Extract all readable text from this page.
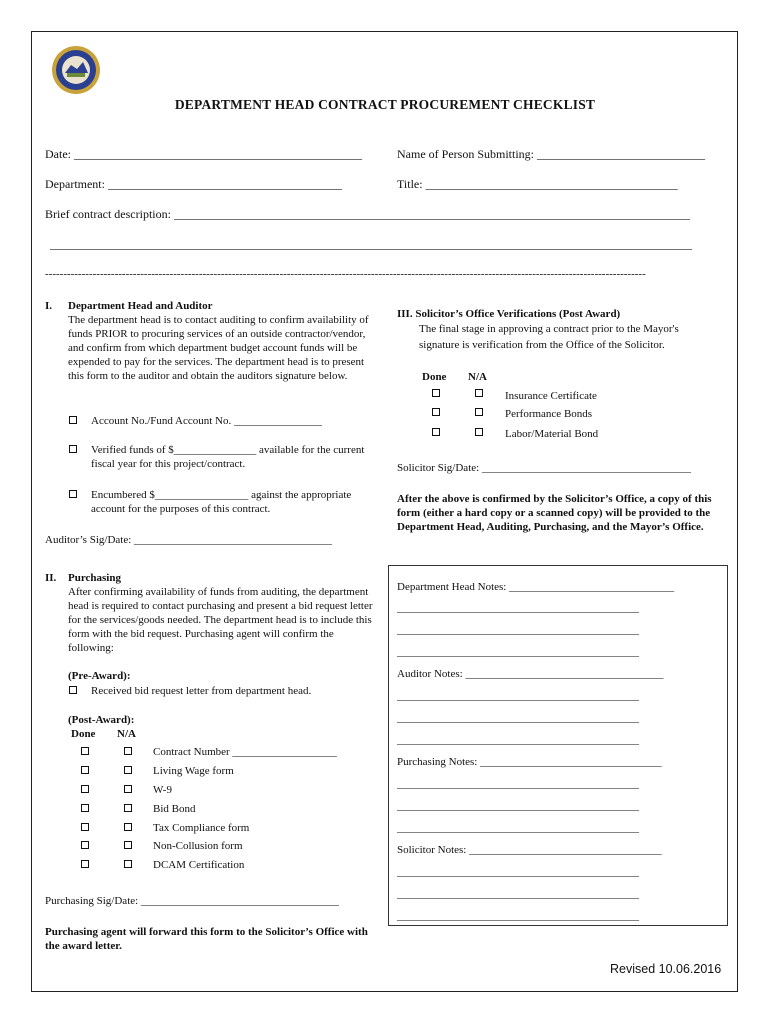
DEPARTMENT HEAD CONTRACT PROCUREMENT CHECKLIST
Date: ________________________________________________	Name of Person Submitting: ____________________________
Department: _______________________________________	Title: __________________________________________
Brief contract description: ______________________________________________________________________________________
___________________________________________________________________________________________________________
--------------------------------------------------------------------------------------------------------------------------------------------------------------------
I. Department Head and Auditor
The department head is to contact auditing to confirm availability of funds PRIOR to procuring services of an outside contractor/vendor, and confirm from which department budget account funds will be expended to pay for the services. The department head is to present this form to the auditor and obtain the auditors signature below.
Account No./Fund Account No. ________________
Verified funds of $_______________ available for the current fiscal year for this project/contract.
Encumbered $_________________ against the appropriate account for the purposes of this contract.
Auditor’s Sig/Date: ____________________________________
II. Purchasing
After confirming availability of funds from auditing, the department head is required to contact purchasing and present a bid request letter for the services/goods needed. The department head is to include this form with the bid request. Purchasing agent will confirm the following:
(Pre-Award):
Received bid request letter from department head.
(Post-Award):
Done N/A
Contract Number ___________________
Living Wage form
W-9
Bid Bond
Tax Compliance form
Non-Collusion form
DCAM Certification
Purchasing Sig/Date: ____________________________________
Purchasing agent will forward this form to the Solicitor’s Office with the award letter.
III. Solicitor’s Office Verifications (Post Award)
The final stage in approving a contract prior to the Mayor's signature is verification from the Office of the Solicitor.
Done N/A
Insurance Certificate
Performance Bonds
Labor/Material Bond
Solicitor Sig/Date: ______________________________________
After the above is confirmed by the Solicitor’s Office, a copy of this form (either a hard copy or a scanned copy) will be provided to the Department Head, Auditing, Purchasing, and the Mayor’s Office.
Department Head Notes: ______________________________
____________________________________________
____________________________________________
____________________________________________
Auditor Notes: ____________________________________
____________________________________________
____________________________________________
____________________________________________
Purchasing Notes: _________________________________
____________________________________________
____________________________________________
____________________________________________
Solicitor Notes: ___________________________________
____________________________________________
____________________________________________
____________________________________________
Revised 10.06.2016
